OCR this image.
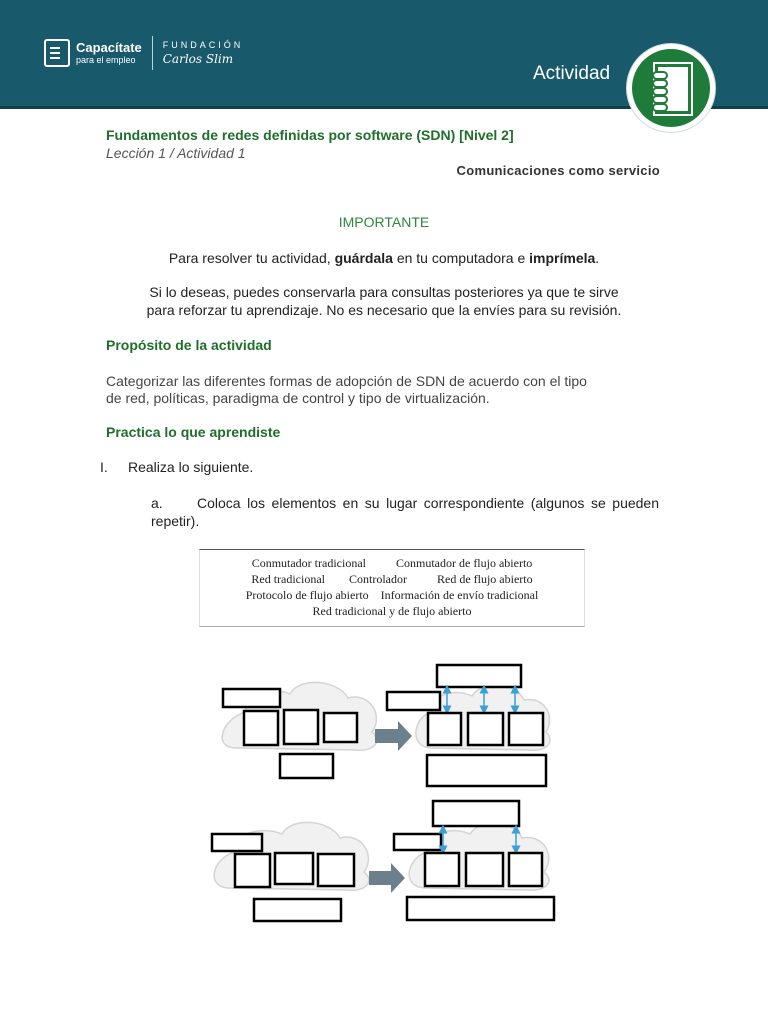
Capacítate
para el empleo
FUNDACIÓN
Carlos Slim
Actividad
Fundamentos de redes definidas por software (SDN) [Nivel 2]
Lección 1 / Actividad 1
Comunicaciones como servicio
IMPORTANTE
Para resolver tu actividad, guárdala en tu computadora e imprímela.
Si lo deseas, puedes conservarla para consultas posteriores ya que te sirve
para reforzar tu aprendizaje. No es necesario que la envíes para su revisión.
Propósito de la actividad
Categorizar las diferentes formas de adopción de SDN de acuerdo con el tipo
de red, políticas, paradigma de control y tipo de virtualización.
Practica lo que aprendiste
I. Realiza lo siguiente.
a. Coloca los elementos en su lugar correspondiente (algunos se pueden repetir).
Conmutador tradicional          Conmutador de flujo abierto
Red tradicional        Controlador          Red de flujo abierto
Protocolo de flujo abierto    Información de envío tradicional
Red tradicional y de flujo abierto
